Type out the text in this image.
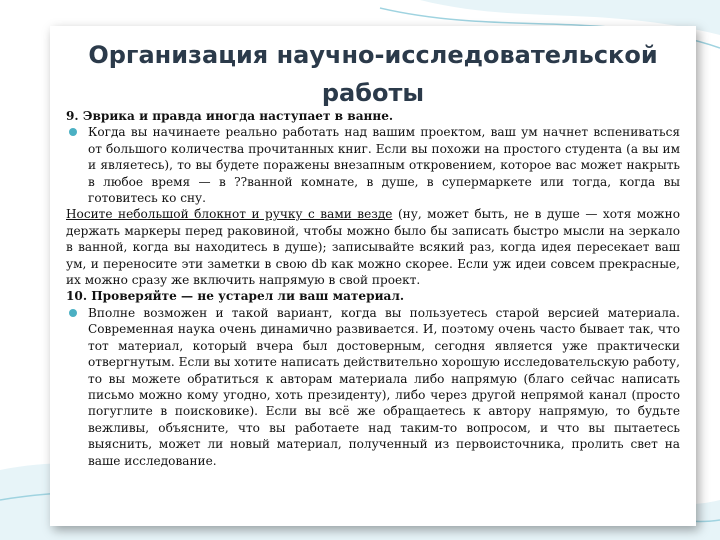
Организация научно-исследовательской
работы

9. Эврика и правда иногда наступает в ванне.

Когда вы начинаете реально работать над вашим проектом, ваш ум начнет вспениваться от большого количества прочитанных книг. Если вы похожи на простого студента (а вы им и являетесь), то вы будете поражены внезапным откровением, которое вас может накрыть в любое время — в ??ванной комнате, в душе, в супермаркете или тогда, когда вы готовитесь ко сну.

Носите небольшой блокнот и ручку с вами везде (ну, может быть, не в душе — хотя можно держать маркеры перед раковиной, чтобы можно было бы записать быстро мысли на зеркало в ванной, когда вы находитесь в душе); записывайте всякий раз, когда идея пересекает ваш ум, и переносите эти заметки в свою db как можно скорее. Если уж идеи совсем прекрасные, их можно сразу же включить напрямую в свой проект.

10. Проверяйте — не устарел ли ваш материал.

Вполне возможен и такой вариант, когда вы пользуетесь старой версией материала. Современная наука очень динамично развивается. И, поэтому очень часто бывает так, что тот материал, который вчера был достоверным, сегодня является уже практически отвергнутым. Если вы хотите написать действительно хорошую исследовательскую работу, то вы можете обратиться к авторам материала либо напрямую (благо сейчас написать письмо можно кому угодно, хоть президенту), либо через другой непрямой канал (просто погуглите в поисковике). Если вы всё же обращаетесь к автору напрямую, то будьте вежливы, объясните, что вы работаете над таким-то вопросом, и что вы пытаетесь выяснить, может ли новый материал, полученный из первоисточника, пролить свет на ваше исследование.
